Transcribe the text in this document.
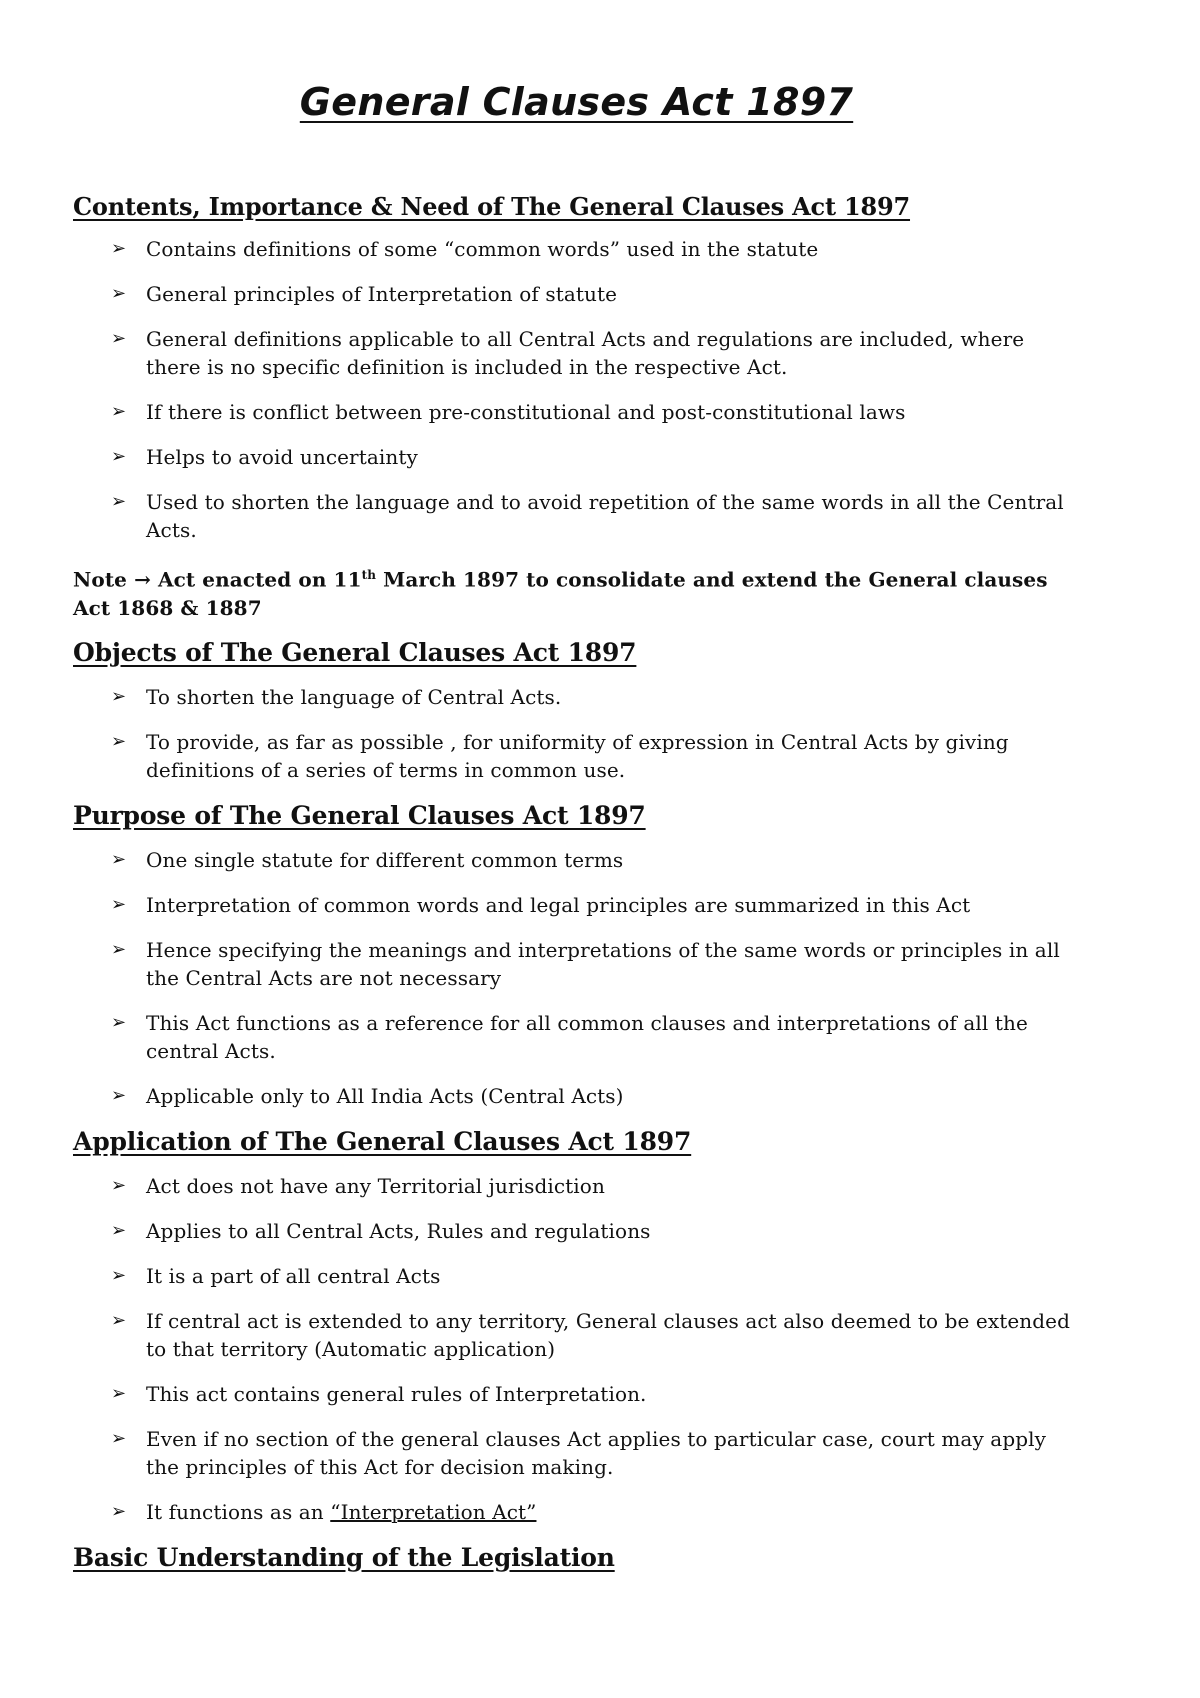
General Clauses Act 1897
Contents, Importance & Need of The General Clauses Act 1897
➢ Contains definitions of some “common words” used in the statute
➢ General principles of Interpretation of statute
➢ General definitions applicable to all Central Acts and regulations are included, where there is no specific definition is included in the respective Act.
➢ If there is conflict between pre-constitutional and post-constitutional laws
➢ Helps to avoid uncertainty
➢ Used to shorten the language and to avoid repetition of the same words in all the Central Acts.

Note → Act enacted on 11th March 1897 to consolidate and extend the General clauses Act 1868 & 1887

Objects of The General Clauses Act 1897
➢ To shorten the language of Central Acts.
➢ To provide, as far as possible , for uniformity of expression in Central Acts by giving definitions of a series of terms in common use.
Purpose of The General Clauses Act 1897
➢ One single statute for different common terms
➢ Interpretation of common words and legal principles are summarized in this Act
➢ Hence specifying the meanings and interpretations of the same words or principles in all the Central Acts are not necessary
➢ This Act functions as a reference for all common clauses and interpretations of all the central Acts.
➢ Applicable only to All India Acts (Central Acts)
Application of The General Clauses Act 1897
➢ Act does not have any Territorial jurisdiction
➢ Applies to all Central Acts, Rules and regulations
➢ It is a part of all central Acts
➢ If central act is extended to any territory, General clauses act also deemed to be extended to that territory (Automatic application)
➢ This act contains general rules of Interpretation.
➢ Even if no section of the general clauses Act applies to particular case, court may apply the principles of this Act for decision making.
➢ It functions as an “Interpretation Act”
Basic Understanding of the Legislation
